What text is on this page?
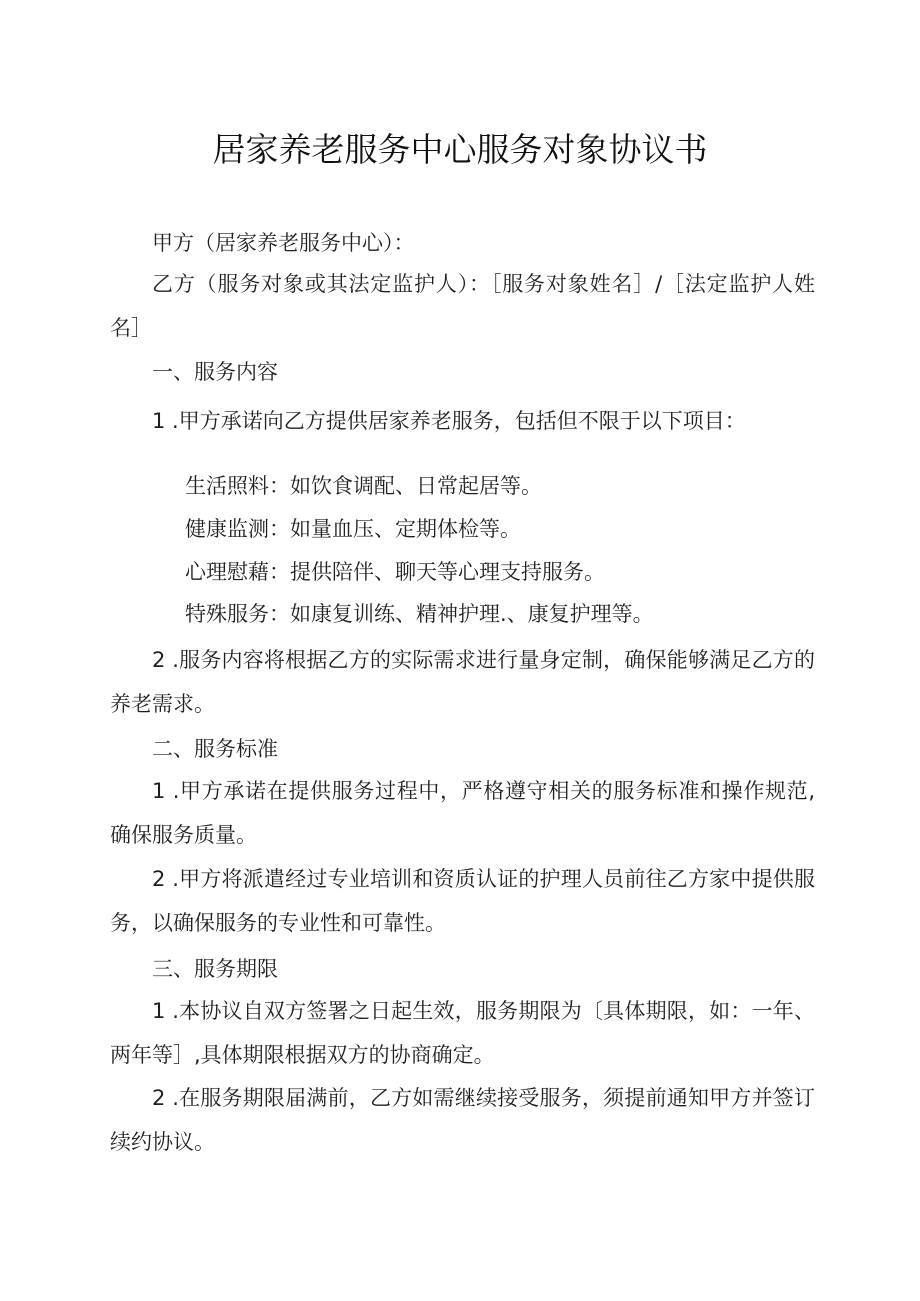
居家养老服务中心服务对象协议书
甲方（居家养老服务中心）：
乙方（服务对象或其法定监护人）：［服务对象姓名］/［法定监护人姓名］
一、服务内容
1 .甲方承诺向乙方提供居家养老服务，包括但不限于以下项目：
生活照料：如饮食调配、日常起居等。
健康监测：如量血压、定期体检等。
心理慰藉：提供陪伴、聊天等心理支持服务。
特殊服务：如康复训练、精神护理.、康复护理等。
2 .服务内容将根据乙方的实际需求进行量身定制，确保能够满足乙方的养老需求。
二、服务标准
1 .甲方承诺在提供服务过程中，严格遵守相关的服务标准和操作规范,确保服务质量。
2 .甲方将派遣经过专业培训和资质认证的护理人员前往乙方家中提供服务，以确保服务的专业性和可靠性。
三、服务期限
1 .本协议自双方签署之日起生效，服务期限为〔具体期限，如：一年、两年等］,具体期限根据双方的协商确定。
2 .在服务期限届满前，乙方如需继续接受服务，须提前通知甲方并签订续约协议。
